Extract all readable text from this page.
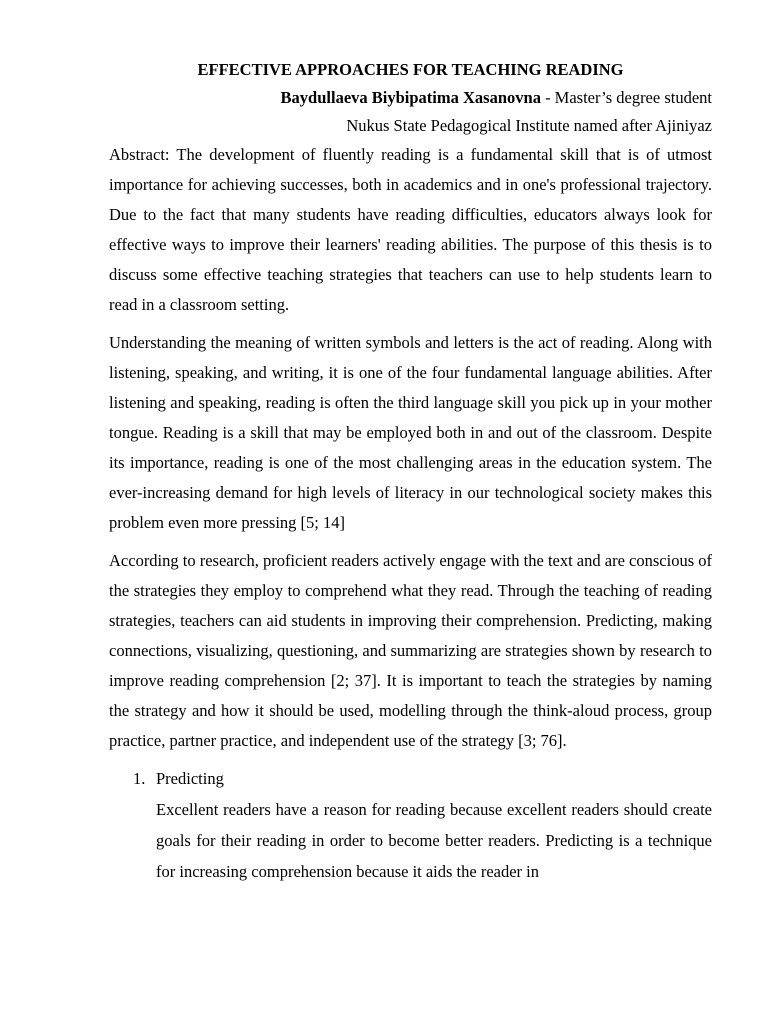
EFFECTIVE APPROACHES FOR TEACHING READING
Baydullaeva Biybipatima Xasanovna - Master’s degree student
Nukus State Pedagogical Institute named after Ajiniyaz

Abstract: The development of fluently reading is a fundamental skill that is of utmost importance for achieving successes, both in academics and in one's professional trajectory. Due to the fact that many students have reading difficulties, educators always look for effective ways to improve their learners' reading abilities. The purpose of this thesis is to discuss some effective teaching strategies that teachers can use to help students learn to read in a classroom setting.

Understanding the meaning of written symbols and letters is the act of reading. Along with listening, speaking, and writing, it is one of the four fundamental language abilities. After listening and speaking, reading is often the third language skill you pick up in your mother tongue. Reading is a skill that may be employed both in and out of the classroom. Despite its importance, reading is one of the most challenging areas in the education system. The ever-increasing demand for high levels of literacy in our technological society makes this problem even more pressing [5; 14]

According to research, proficient readers actively engage with the text and are conscious of the strategies they employ to comprehend what they read. Through the teaching of reading strategies, teachers can aid students in improving their comprehension. Predicting, making connections, visualizing, questioning, and summarizing are strategies shown by research to improve reading comprehension [2; 37]. It is important to teach the strategies by naming the strategy and how it should be used, modelling through the think-aloud process, group practice, partner practice, and independent use of the strategy [3; 76].

1. Predicting

Excellent readers have a reason for reading because excellent readers should create goals for their reading in order to become better readers. Predicting is a technique for increasing comprehension because it aids the reader in
